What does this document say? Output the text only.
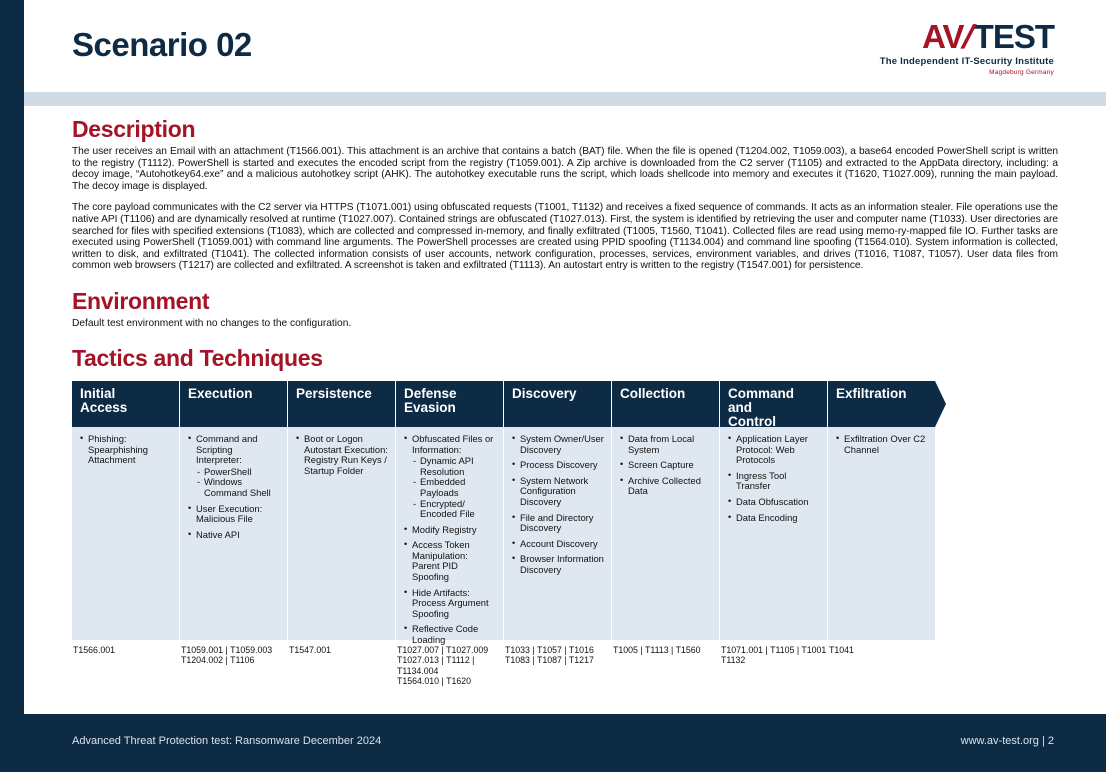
Scenario 02	AV/TEST
The Independent IT-Security Institute
Magdeburg Germany
Description

The user receives an Email with an attachment (T1566.001). This attachment is an archive that contains a batch (BAT) file. When the file is opened (T1204.002, T1059.003), a base64 encoded PowerShell script is written to the registry (T1112). PowerShell is started and executes the encoded script from the registry (T1059.001). A Zip archive is downloaded from the C2 server (T1105) and extracted to the AppData directory, including: a decoy image, “Autohotkey64.exe” and a malicious autohotkey script (AHK). The autohotkey executable runs the script, which loads shellcode into memory and executes it (T1620, T1027.009), running the main payload. The decoy image is displayed.

The core payload communicates with the C2 server via HTTPS (T1071.001) using obfuscated requests (T1001, T1132) and receives a fixed sequence of commands. It acts as an information stealer. File operations use the native API (T1106) and are dynamically resolved at runtime (T1027.007). Contained strings are obfuscated (T1027.013). First, the system is identified by retrieving the user and computer name (T1033). User directories are searched for files with specified extensions (T1083), which are collected and compressed in-memory, and finally exfiltrated (T1005, T1560, T1041). Collected files are read using memo-ry-mapped file IO. Further tasks are executed using PowerShell (T1059.001) with command line arguments. The PowerShell processes are created using PPID spoofing (T1134.004) and command line spoofing (T1564.010). System information is collected, written to disk, and exfiltrated (T1041). The collected information consists of user accounts, network configuration, processes, services, environment variables, and drives (T1016, T1087, T1057). User data files from common web browsers (T1217) are collected and exfiltrated. A screenshot is taken and exfiltrated (T1113). An autostart entry is written to the registry (T1547.001) for persistence.

Environment

Default test environment with no changes to the configuration.

Tactics and Techniques
Initial
Access
• Phishing: Spearphishing Attachment
T1566.001
Execution
• Command and Scripting Interpreter:
- PowerShell
- Windows Command Shell
• User Execution: Malicious File
• Native API
T1059.001 | T1059.003
T1204.002 | T1106
Persistence
• Boot or Logon Autostart Execution: Registry Run Keys / Startup Folder
T1547.001
Defense
Evasion
• Obfuscated Files or Information:
- Dynamic API Resolution
- Embedded Payloads
- Encrypted/ Encoded File
• Modify Registry
• Access Token Manipulation: Parent PID Spoofing
• Hide Artifacts: Process Argument Spoofing
• Reflective Code Loading
T1027.007 | T1027.009
T1027.013 | T1112 | T1134.004
T1564.010 | T1620
Discovery
• System Owner/User Discovery
• Process Discovery
• System Network Configuration Discovery
• File and Directory Discovery
• Account Discovery
• Browser Information Discovery
T1033 | T1057 | T1016
T1083 | T1087 | T1217
Collection
• Data from Local System
• Screen Capture
• Archive Collected Data
T1005 | T1113 | T1560
Command and
Control
• Application Layer Protocol: Web Protocols
• Ingress Tool Transfer
• Data Obfuscation
• Data Encoding
T1071.001 | T1105 | T1001
T1132
Exfiltration
• Exfiltration Over C2 Channel
T1041
Advanced Threat Protection test: Ransomware December 2024	www.av-test.org | 2
